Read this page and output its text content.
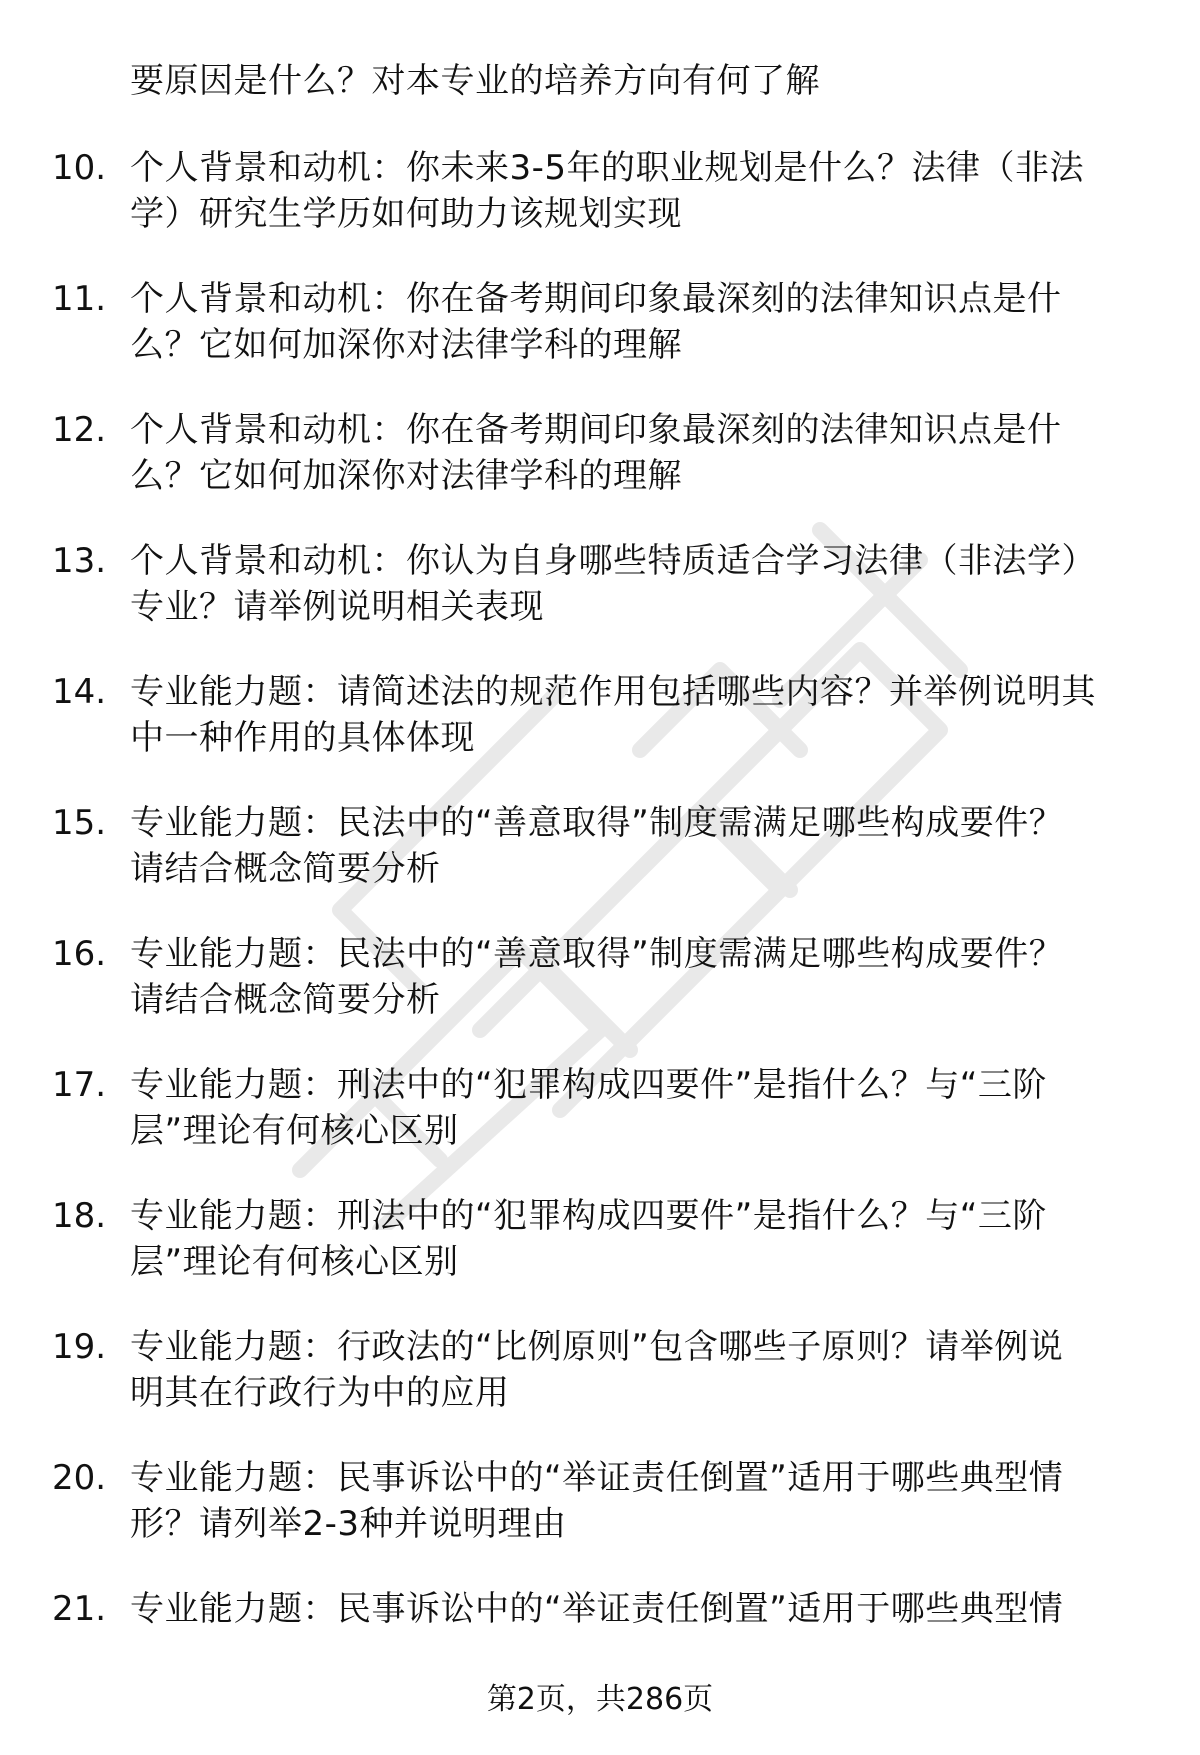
要原因是什么？对本专业的培养方向有何了解
10. 个人背景和动机：你未来3-5年的职业规划是什么？法律（非法
学）研究生学历如何助力该规划实现
11. 个人背景和动机：你在备考期间印象最深刻的法律知识点是什
么？它如何加深你对法律学科的理解
12. 个人背景和动机：你在备考期间印象最深刻的法律知识点是什
么？它如何加深你对法律学科的理解
13. 个人背景和动机：你认为自身哪些特质适合学习法律（非法学）
专业？请举例说明相关表现
14. 专业能力题：请简述法的规范作用包括哪些内容？并举例说明其
中一种作用的具体体现
15. 专业能力题：民法中的“善意取得”制度需满足哪些构成要件？
请结合概念简要分析
16. 专业能力题：民法中的“善意取得”制度需满足哪些构成要件？
请结合概念简要分析
17. 专业能力题：刑法中的“犯罪构成四要件”是指什么？与“三阶
层”理论有何核心区别
18. 专业能力题：刑法中的“犯罪构成四要件”是指什么？与“三阶
层”理论有何核心区别
19. 专业能力题：行政法的“比例原则”包含哪些子原则？请举例说
明其在行政行为中的应用
20. 专业能力题：民事诉讼中的“举证责任倒置”适用于哪些典型情
形？请列举2-3种并说明理由
21. 专业能力题：民事诉讼中的“举证责任倒置”适用于哪些典型情
第2页，共286页
